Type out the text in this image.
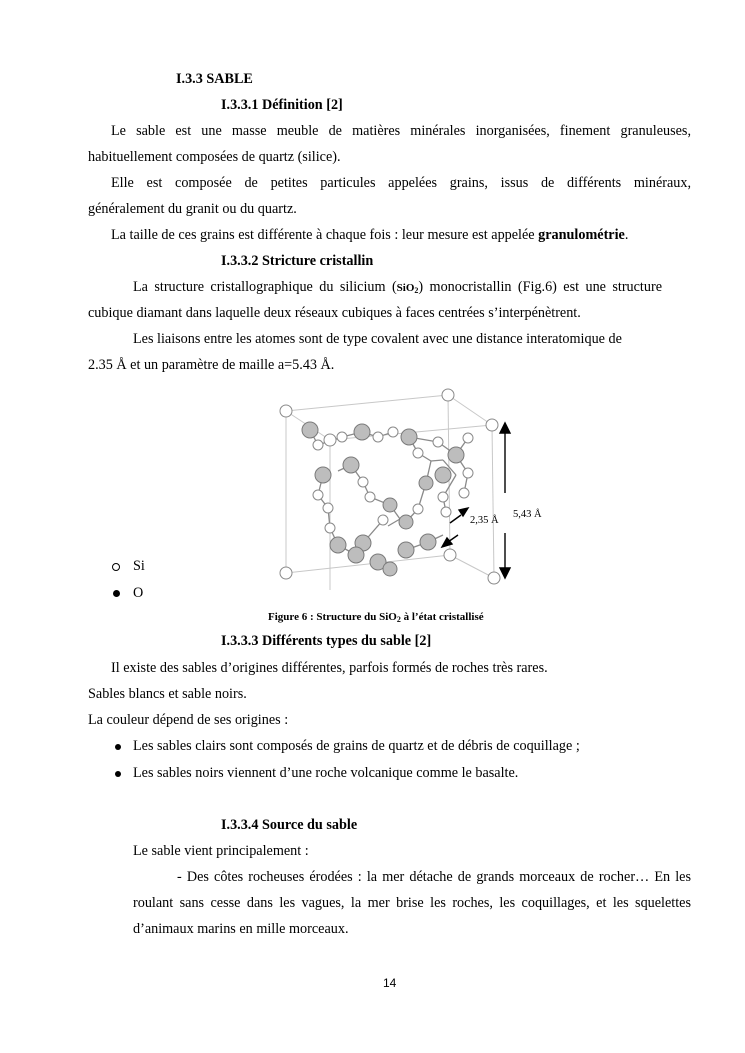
I.3.3 SABLE
I.3.3.1 Définition [2]
Le sable est une masse meuble de matières minérales inorganisées, finement granuleuses,
habituellement composées de quartz (silice).
Elle est composée de petites particules appelées grains, issus de différents minéraux,
généralement du granit ou du quartz.
La taille de ces grains est différente à chaque fois : leur mesure est appelée granulométrie.
I.3.3.2 Stricture cristallin
La structure cristallographique du silicium (SiO$_2$) monocristallin (Fig.6) est une structure
cubique diamant dans laquelle deux réseaux cubiques à faces centrées s’interpénètrent.
Les liaisons entre les atomes sont de type covalent avec une distance interatomique de
2.35 Å et un paramètre de maille a=5.43 Å.
2,35 Å
5,43 Å
Si
O
Figure 6 : Structure du SiO$_2$ à l’état cristallisé
I.3.3.3 Différents types du sable [2]
Il existe des sables d’origines différentes, parfois formés de roches très rares.
Sables blancs et sable noirs.
La couleur dépend de ses origines :
Les sables clairs sont composés de grains de quartz et de débris de coquillage ;
Les sables noirs viennent d’une roche volcanique comme le basalte.
I.3.3.4 Source du sable
Le sable vient principalement :
- Des côtes rocheuses érodées : la mer détache de grands morceaux de rocher… En les
roulant sans cesse dans les vagues, la mer brise les roches, les coquillages, et les squelettes
d’animaux marins en mille morceaux.
14
